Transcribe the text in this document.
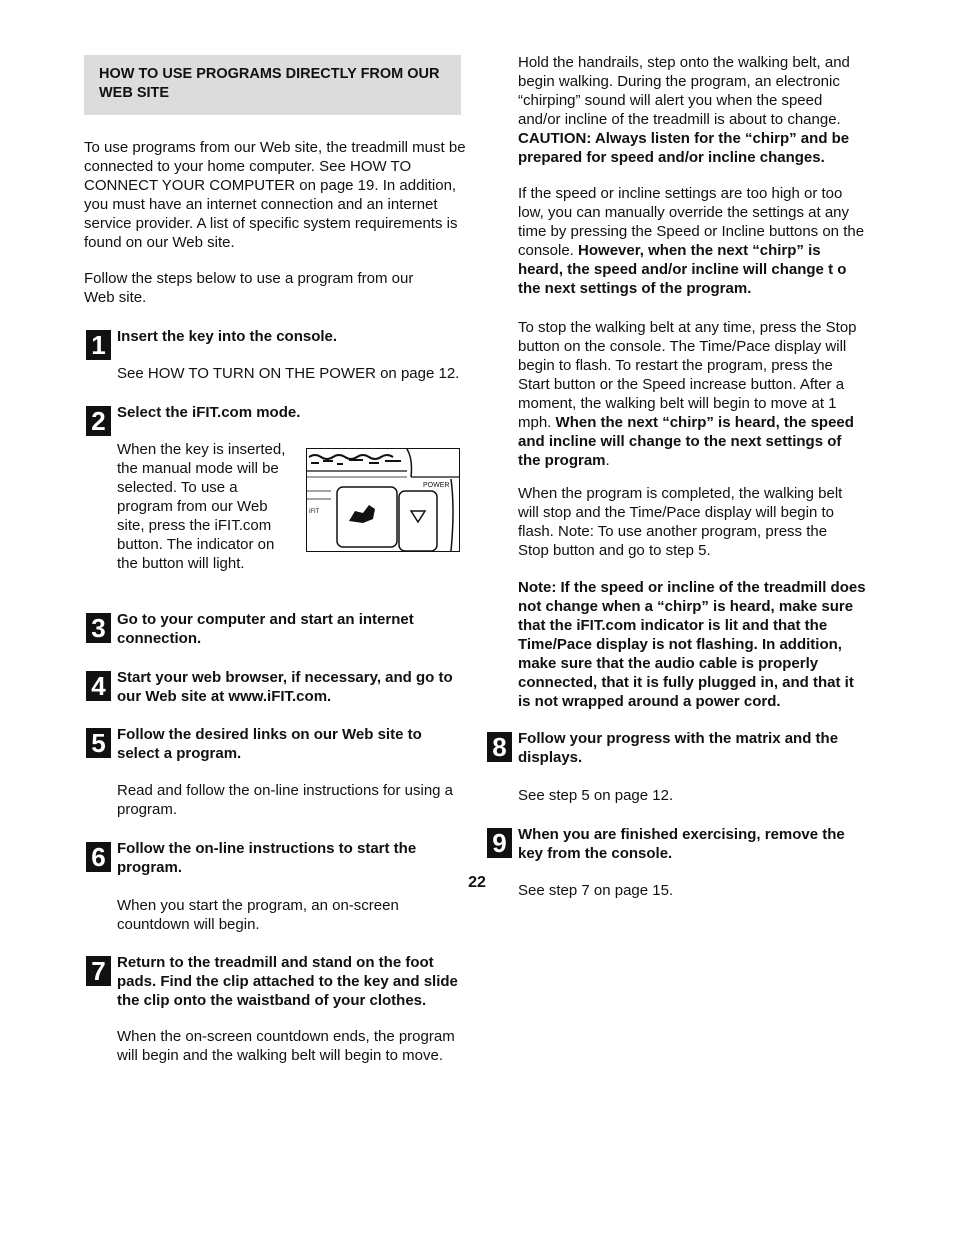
HOW TO USE PROGRAMS DIRECTLY FROM OUR WEB SITE

To use programs from our Web site, the treadmill must be connected to your home computer. See HOW TO CONNECT YOUR COMPUTER on page 19. In addition, you must have an internet connection and an internet service provider. A list of specific system requirements is found on our Web site.

Follow the steps below to use a program from our Web site.

1 Insert the key into the console.

See HOW TO TURN ON THE POWER on page 12.

2 Select the iFIT.com mode.

When the key is inserted, the manual mode will be selected. To use a program from our Web site, press the iFIT.com button. The indicator on the button will light.

POWER
iFIT
3 Go to your computer and start an internet connection.

4 Start your web browser, if necessary, and go to our Web site at www.iFIT.com.

5 Follow the desired links on our Web site to select a program.

Read and follow the on-line instructions for using a program.

6 Follow the on-line instructions to start the program.

When you start the program, an on-screen countdown will begin.

7 Return to the treadmill and stand on the foot pads. Find the clip attached to the key and slide the clip onto the waistband of your clothes.

When the on-screen countdown ends, the program will begin and the walking belt will begin to move.

Hold the handrails, step onto the walking belt, and begin walking. During the program, an electronic “chirping” sound will alert you when the speed and/or incline of the treadmill is about to change. CAUTION: Always listen for the “chirp” and be prepared for speed and/or incline changes.

If the speed or incline settings are too high or too low, you can manually override the settings at any time by pressing the Speed or Incline buttons on the console. However, when the next “chirp” is heard, the speed and/or incline will change t o the next settings of the program.

To stop the walking belt at any time, press the Stop button on the console. The Time/Pace display will begin to flash. To restart the program, press the Start button or the Speed increase button. After a moment, the walking belt will begin to move at 1 mph. When the next “chirp” is heard, the speed and incline will change to the next settings of the program.

When the program is completed, the walking belt will stop and the Time/Pace display will begin to flash. Note: To use another program, press the Stop button and go to step 5.

Note: If the speed or incline of the treadmill does not change when a “chirp” is heard, make sure that the iFIT.com indicator is lit and that the Time/Pace display is not flashing. In addition, make sure that the audio cable is properly connected, that it is fully plugged in, and that it is not wrapped around a power cord.

8 Follow your progress with the matrix and the displays.

See step 5 on page 12.

9 When you are finished exercising, remove the key from the console.

See step 7 on page 15.

22
